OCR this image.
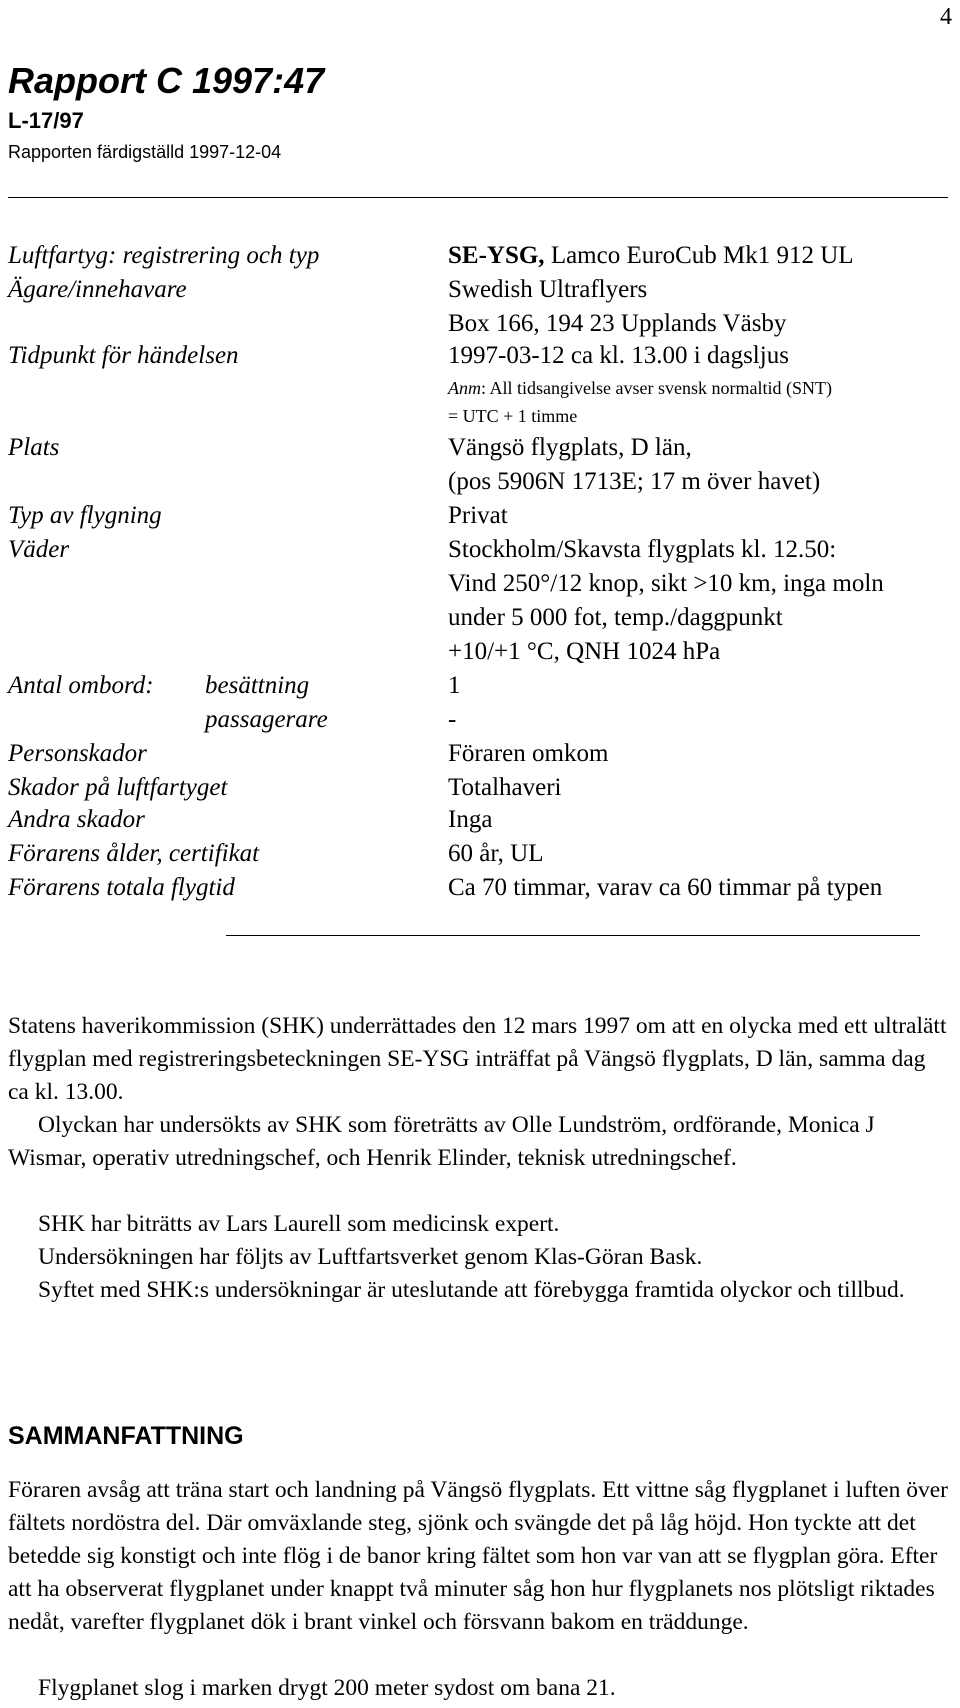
4
Rapport C 1997:47
L-17/97
Rapporten färdigställd 1997-12-04
Luftfartyg: registrering och typ	SE-YSG, Lamco EuroCub Mk1 912 UL
Ägare/innehavare	Swedish Ultraflyers
Box 166, 194 23 Upplands Väsby
Tidpunkt för händelsen	1997-03-12 ca kl. 13.00 i dagsljus
Anm: All tidsangivelse avser svensk normaltid (SNT)
= UTC + 1 timme
Plats	Vängsö flygplats, D län,
(pos 5906N 1713E; 17 m över havet)
Typ av flygning	Privat
Väder	Stockholm/Skavsta flygplats kl. 12.50:
Vind 250°/12 knop, sikt >10 km, inga moln
under 5 000 fot, temp./daggpunkt
+10/+1 °C, QNH 1024 hPa
Antal ombord: besättning	1
passagerare	-
Personskador	Föraren omkom
Skador på luftfartyget	Totalhaveri
Andra skador	Inga
Förarens ålder, certifikat	60 år, UL
Förarens totala flygtid	Ca 70 timmar, varav ca 60 timmar på typen
Statens haverikommission (SHK) underrättades den 12 mars 1997 om att en olycka med ett ultralätt flygplan med registreringsbeteckningen SE-YSG inträffat på Vängsö flygplats, D län, samma dag ca kl. 13.00.
Olyckan har undersökts av SHK som företrätts av Olle Lundström, ordförande, Monica J Wismar, operativ utredningschef, och Henrik Elinder, teknisk utredningschef.
SHK har biträtts av Lars Laurell som medicinsk expert.
Undersökningen har följts av Luftfartsverket genom Klas-Göran Bask.
Syftet med SHK:s undersökningar är uteslutande att förebygga framtida olyckor och tillbud.
SAMMANFATTNING
Föraren avsåg att träna start och landning på Vängsö flygplats. Ett vittne såg flygplanet i luften över fältets nordöstra del. Där omväxlande steg, sjönk och svängde det på låg höjd. Hon tyckte att det betedde sig konstigt och inte flög i de banor kring fältet som hon var van att se flygplan göra. Efter att ha observerat flygplanet under knappt två minuter såg hon hur flygplanets nos plötsligt riktades nedåt, varefter flygplanet dök i brant vinkel och försvann bakom en träddunge.
Flygplanet slog i marken drygt 200 meter sydost om bana 21.
